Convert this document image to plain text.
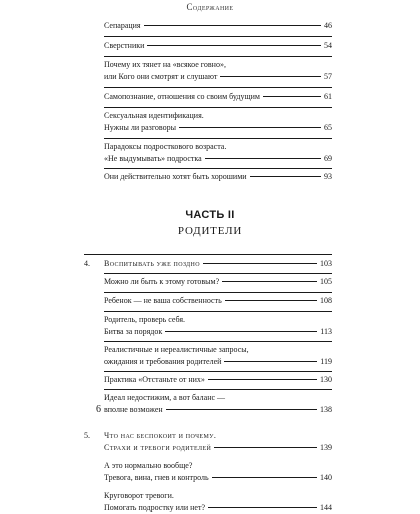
Содержание
Сепарация	46
Сверстники	54
Почему их тянет на «всякое говно»,
или Кого они смотрят и слушают	57
Самопознание, отношения со своим будущим	61
Сексуальная идентификация.
Нужны ли разговоры	65
Парадоксы подросткового возраста.
«Не выдумывать» подростка	69
Они действительно хотят быть хорошими	93
ЧАСТЬ II
РОДИТЕЛИ
4.	Воспитывать уже поздно	103
Можно ли быть к этому готовым?	105
Ребенок — не ваша собственность	108
Родитель, проверь себя.
Битва за порядок	113
Реалистичные и нереалистичные запросы,
ожидания и требования родителей	119
Практика «Отстаньте от них»	130
Идеал недостижим, а вот баланс —
вполне возможен	138
5. Что нас беспокоит и почему.
Страхи и тревоги родителей	139
А это нормально вообще?
Тревога, вина, гнев и контроль	140
Круговорот тревоги.
Помогать подростку или нет?	144
6
